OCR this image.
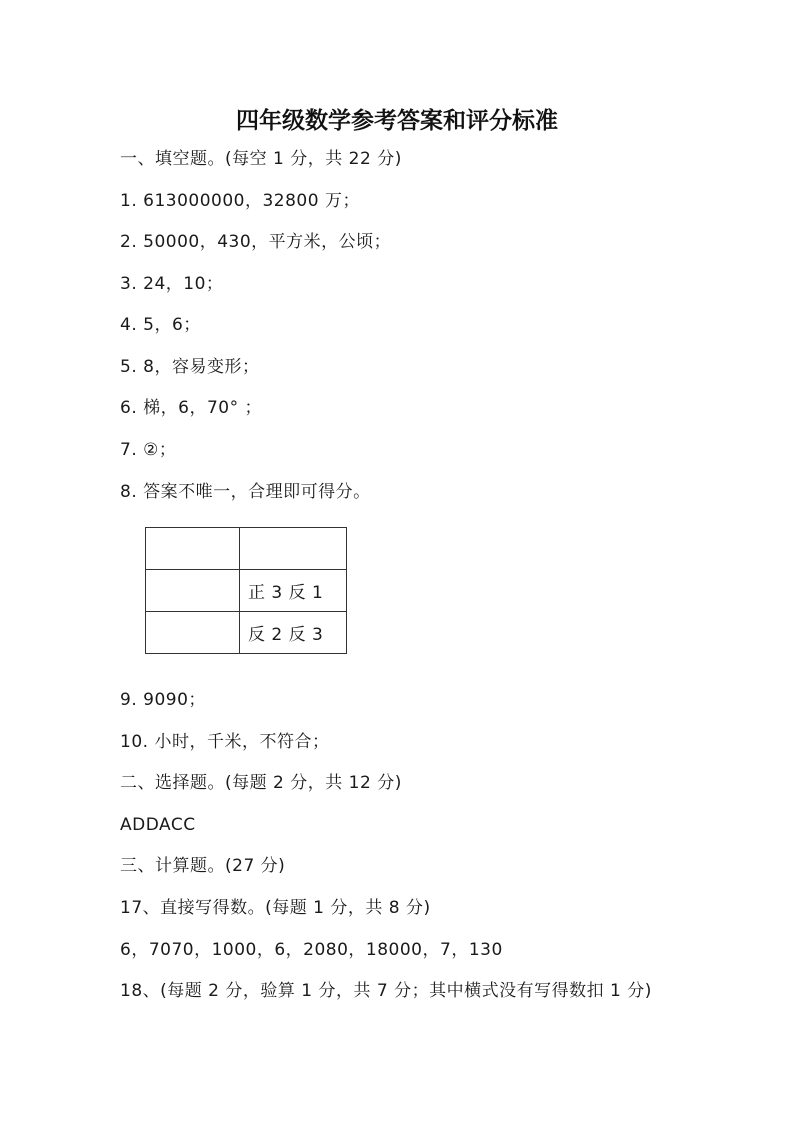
四年级数学参考答案和评分标准
一、填空题。(每空 1 分，共 22 分)
1. 613000000，32800 万；
2. 50000，430，平方米，公顷；
3. 24，10；
4. 5，6；
5. 8，容易变形；
6. 梯，6，70° ；
7. ②；
8. 答案不唯一，合理即可得分。

	正 3 反 1
	反 2 反 3
9. 9090；
10. 小时，千米，不符合；
二、选择题。(每题 2 分，共 12 分)
ADDACC
三、计算题。(27 分)
17、直接写得数。(每题 1 分，共 8 分)
6，7070，1000，6，2080，18000，7，130
18、(每题 2 分，验算 1 分，共 7 分；其中横式没有写得数扣 1 分)
